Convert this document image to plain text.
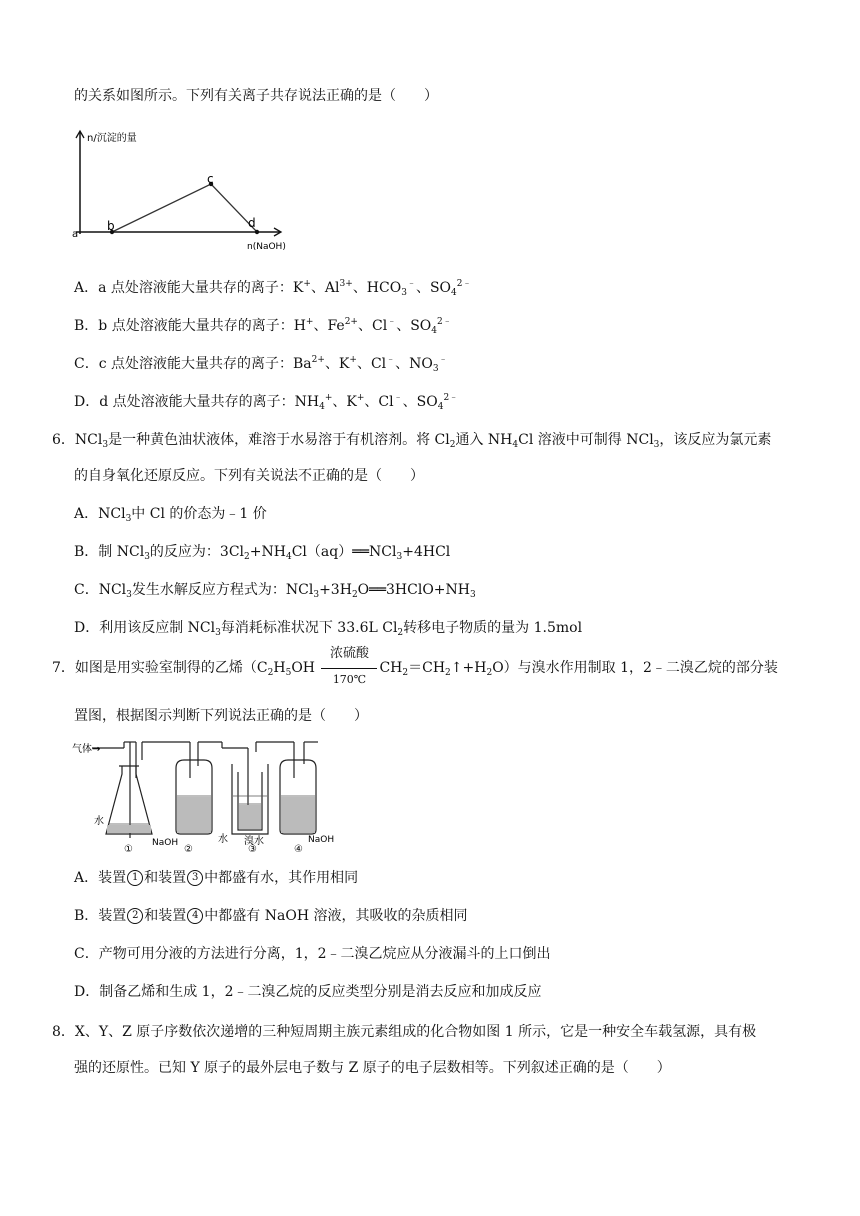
的关系如图所示。下列有关离子共存说法正确的是（　　）
n/沉淀的量
n(NaOH)
a
b
c
d
A．a 点处溶液能大量共存的离子：K+、$Al^{3+}$、$HCO_3^﹣$、$SO_4^{2﹣}$
B．b 点处溶液能大量共存的离子：H+、$Fe^{2+}$、Cl﹣、$SO_4^{2﹣}$
C．c 点处溶液能大量共存的离子：$Ba^{2+}$、K+、Cl﹣、$NO_3^﹣$
D．d 点处溶液能大量共存的离子：$NH_4^+$、K+、Cl﹣、$SO_4^{2﹣}$
6．NCl$_3$是一种黄色油状液体，难溶于水易溶于有机溶剂。将 $Cl_2$通入 $NH_4Cl$ 溶液中可制得 NCl$_3$，该反应为氯元素
的自身氧化还原反应。下列有关说法不正确的是（　　）
A．NCl$_3$中 Cl 的价态为﹣1 价
B．制 NCl$_3$的反应为：$3Cl_2+NH_4Cl(aq)══NCl_3+4HCl$
C．NCl$_3$发生水解反应方程式为：$NCl_3+3H_2O══3HClO+NH_3$
D．利用该反应制 NCl$_3$每消耗标准状况下 33.6L $Cl_2$转移电子物质的量为 1.5mol
7．如图是用实验室制得的乙烯（$C_2H_5OH \frac{\text{浓硫酸}}{170℃}$ $CH_2=CH_2↑+H_2O$）与溴水作用制取 1，2﹣二溴乙烷的部分装
置图，根据图示判断下列说法正确的是（　　）
气体→
水
NaOH	水 溴水	NaOH
①	②	③	④
A．装置 1 和装置 3 中都盛有水，其作用相同
B．装置 2 和装置 4 中都盛有 NaOH 溶液，其吸收的杂质相同
C．产物可用分液的方法进行分离，1，2﹣二溴乙烷应从分液漏斗的上口倒出
D．制备乙烯和生成 1，2﹣二溴乙烷的反应类型分别是消去反应和加成反应
8．X、Y、Z 原子序数依次递增的三种短周期主族元素组成的化合物如图 1 所示，它是一种安全车载氢源，具有极
强的还原性。已知 Y 原子的最外层电子数与 Z 原子的电子层数相等。下列叙述正确的是（　　）
